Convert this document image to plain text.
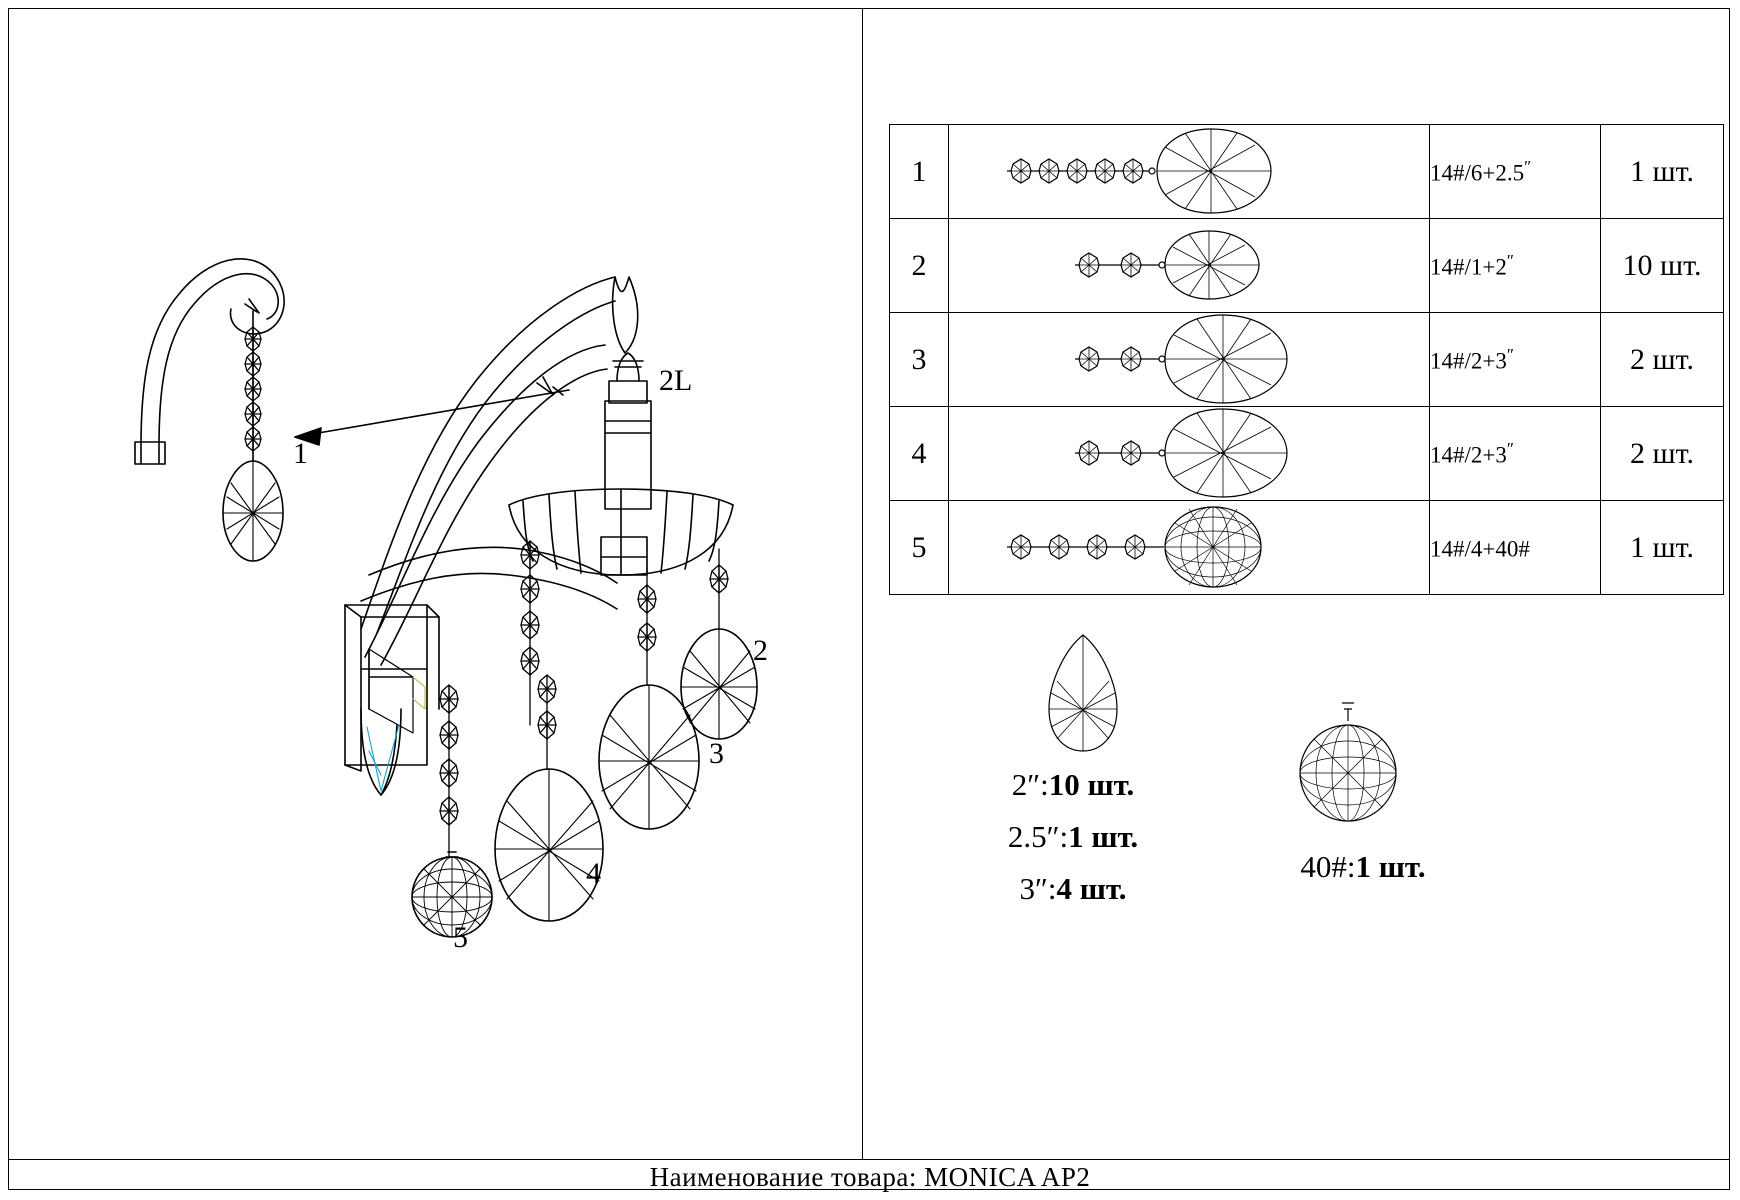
1
2
3
4
5
2L
1		14#/6+2.5″	1 шт.
2		14#/1+2″	10 шт.
3		14#/2+3″	2 шт.
4		14#/2+3″	2 шт.
5		14#/4+40#	1 шт.
2″:10 шт.
2.5″:1 шт.
3″:4 шт.
40#:1 шт.
Наименование товара: MONICA AP2
